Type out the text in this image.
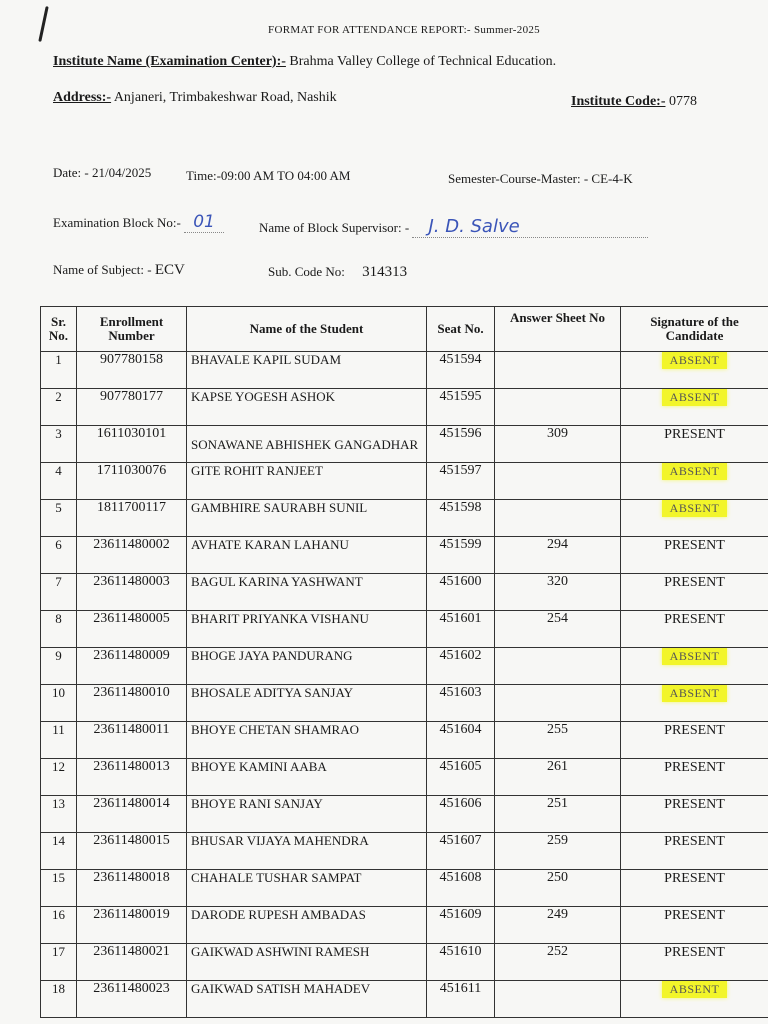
FORMAT FOR ATTENDANCE REPORT:- Summer-2025
Institute Name (Examination Center):- Brahma Valley College of Technical Education.
Address:- Anjaneri, Trimbakeshwar Road, Nashik	Institute Code:- 0778
Date: - 21/04/2025	Time:-09:00 AM TO 04:00 AM	Semester-Course-Master: - CE-4-K
Examination Block No:- 01	Name of Block Supervisor: - J. D. Salve
Name of Subject: - ECV	Sub. Code No: 314313
Sr. No.	Enrollment Number	Name of the Student	Seat No.	Answer Sheet No	Signature of the Candidate
1	907780158	BHAVALE KAPIL SUDAM	451594		ABSENT
2	907780177	KAPSE YOGESH ASHOK	451595		ABSENT
3	1611030101	SONAWANE ABHISHEK GANGADHAR	451596	309	PRESENT
4	1711030076	GITE ROHIT RANJEET	451597		ABSENT
5	1811700117	GAMBHIRE SAURABH SUNIL	451598		ABSENT
6	23611480002	AVHATE KARAN LAHANU	451599	294	PRESENT
7	23611480003	BAGUL KARINA YASHWANT	451600	320	PRESENT
8	23611480005	BHARIT PRIYANKA VISHANU	451601	254	PRESENT
9	23611480009	BHOGE JAYA PANDURANG	451602		ABSENT
10	23611480010	BHOSALE ADITYA SANJAY	451603		ABSENT
11	23611480011	BHOYE CHETAN SHAMRAO	451604	255	PRESENT
12	23611480013	BHOYE KAMINI AABA	451605	261	PRESENT
13	23611480014	BHOYE RANI SANJAY	451606	251	PRESENT
14	23611480015	BHUSAR VIJAYA MAHENDRA	451607	259	PRESENT
15	23611480018	CHAHALE TUSHAR SAMPAT	451608	250	PRESENT
16	23611480019	DARODE RUPESH AMBADAS	451609	249	PRESENT
17	23611480021	GAIKWAD ASHWINI RAMESH	451610	252	PRESENT
18	23611480023	GAIKWAD SATISH MAHADEV	451611		ABSENT
